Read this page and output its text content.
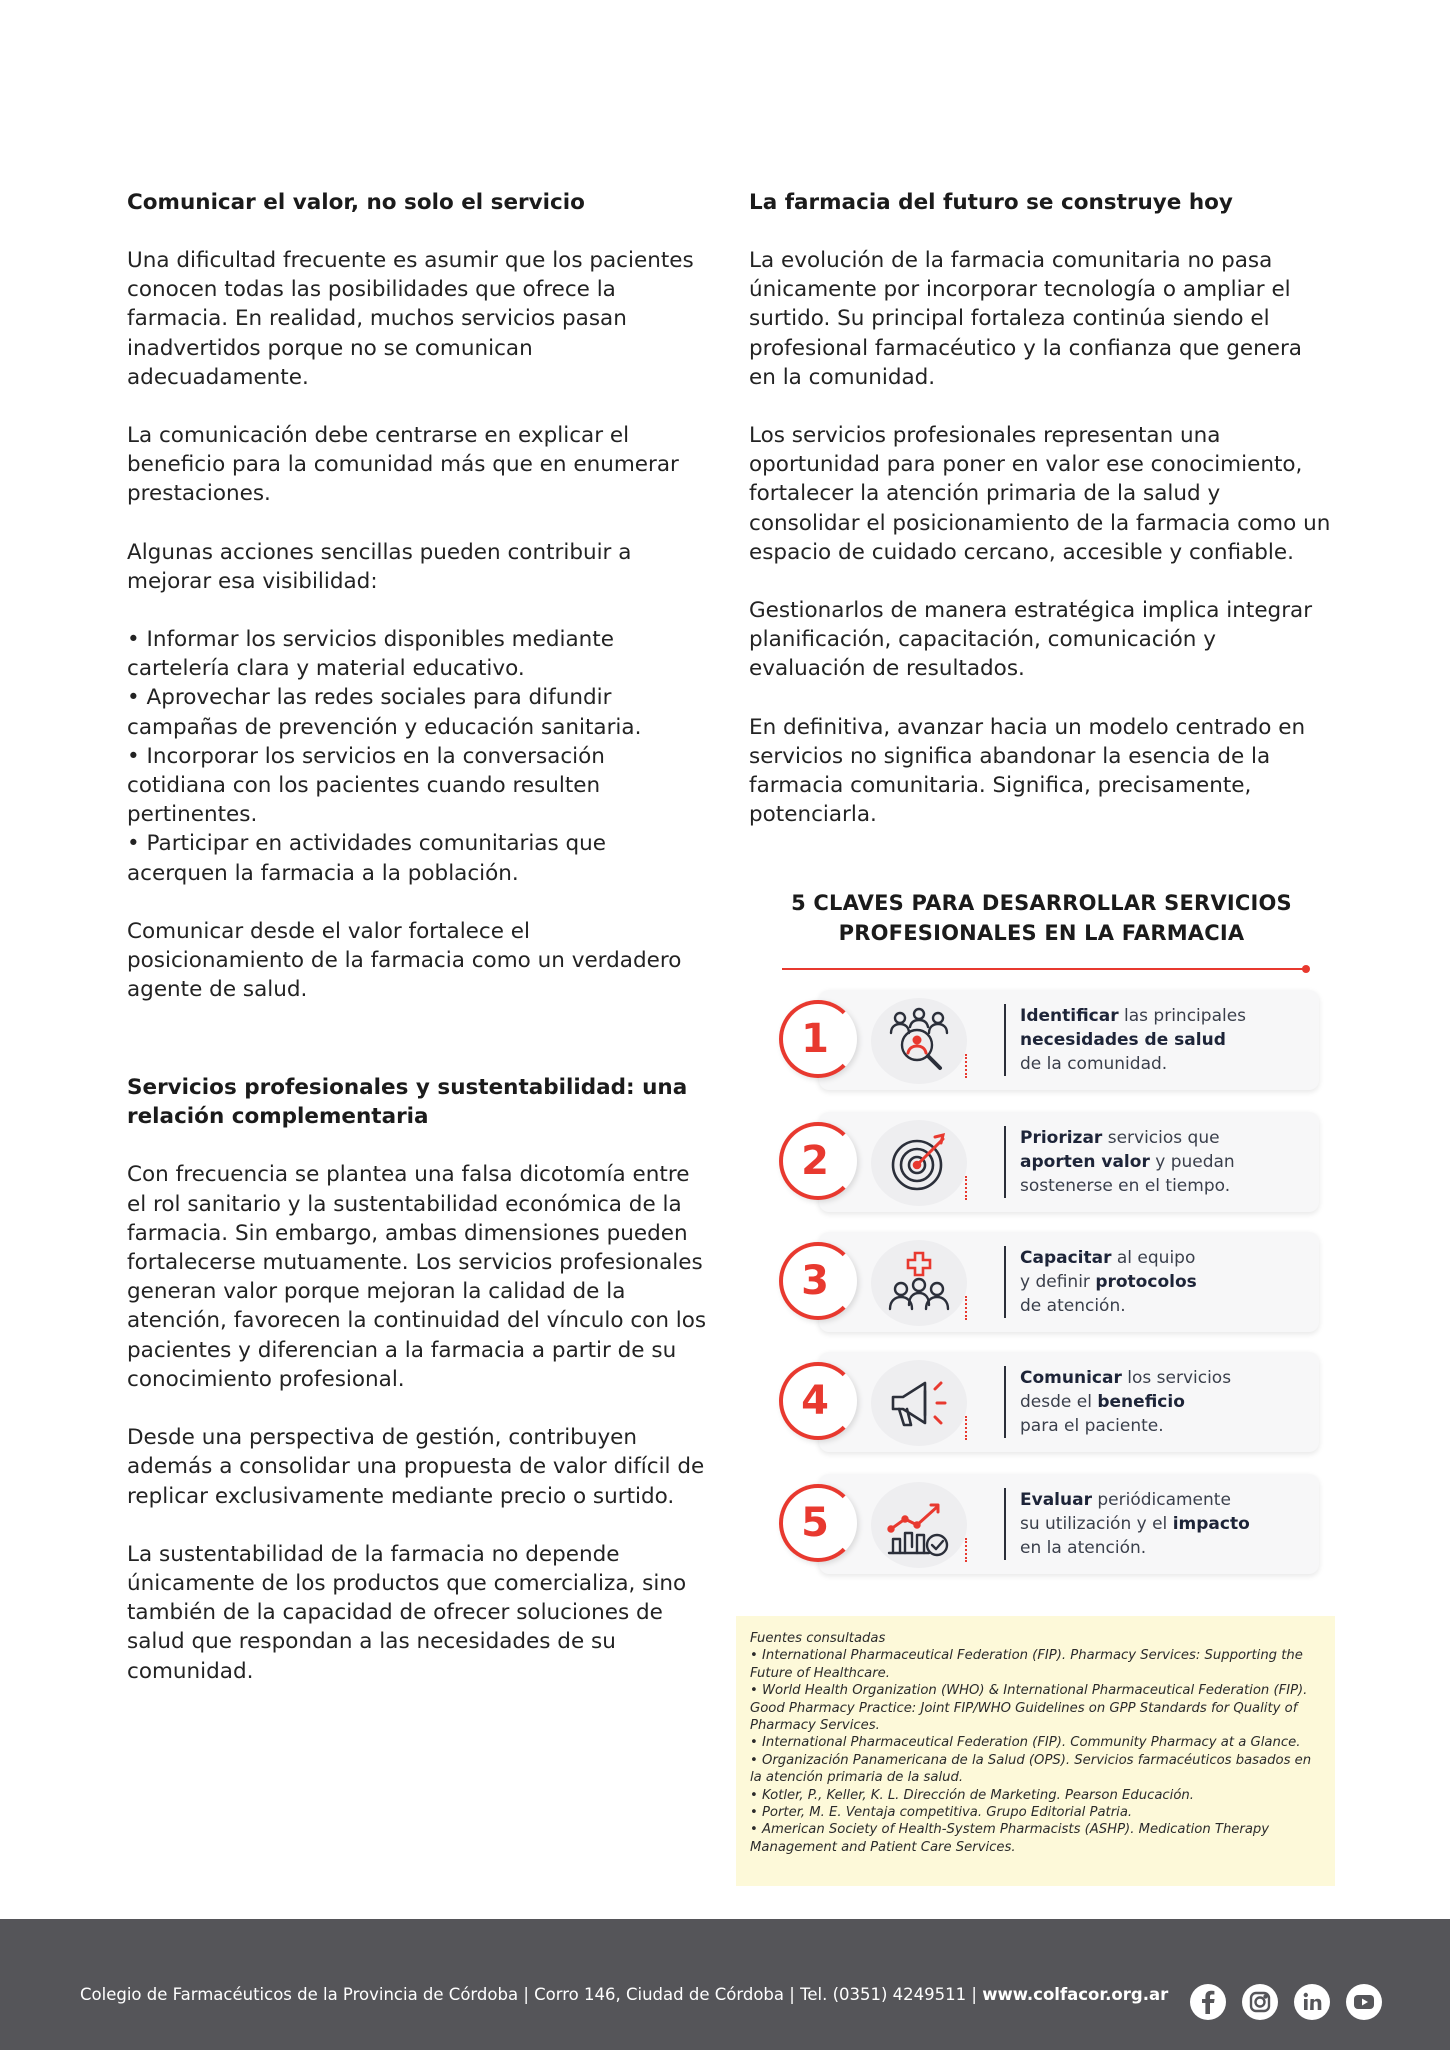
Comunicar el valor, no solo el servicio

Una dificultad frecuente es asumir que los pacientes conocen todas las posibilidades que ofrece la farmacia. En realidad, muchos servicios pasan inadvertidos porque no se comunican adecuadamente.

La comunicación debe centrarse en explicar el beneficio para la comunidad más que en enumerar prestaciones.

Algunas acciones sencillas pueden contribuir a mejorar esa visibilidad:

• Informar los servicios disponibles mediante cartelería clara y material educativo.

• Aprovechar las redes sociales para difundir campañas de prevención y educación sanitaria.

• Incorporar los servicios en la conversación cotidiana con los pacientes cuando resulten pertinentes.

• Participar en actividades comunitarias que acerquen la farmacia a la población.

Comunicar desde el valor fortalece el posicionamiento de la farmacia como un verdadero agente de salud.

Servicios profesionales y sustentabilidad: una relación complementaria

Con frecuencia se plantea una falsa dicotomía entre el rol sanitario y la sustentabilidad económica de la farmacia. Sin embargo, ambas dimensiones pueden fortalecerse mutuamente. Los servicios profesionales generan valor porque mejoran la calidad de la atención, favorecen la continuidad del vínculo con los pacientes y diferencian a la farmacia a partir de su conocimiento profesional.

Desde una perspectiva de gestión, contribuyen además a consolidar una propuesta de valor difícil de replicar exclusivamente mediante precio o surtido.

La sustentabilidad de la farmacia no depende únicamente de los productos que comercializa, sino también de la capacidad de ofrecer soluciones de salud que respondan a las necesidades de su comunidad.

La farmacia del futuro se construye hoy

La evolución de la farmacia comunitaria no pasa únicamente por incorporar tecnología o ampliar el surtido. Su principal fortaleza continúa siendo el profesional farmacéutico y la confianza que genera en la comunidad.

Los servicios profesionales representan una oportunidad para poner en valor ese conocimiento, fortalecer la atención primaria de la salud y consolidar el posicionamiento de la farmacia como un espacio de cuidado cercano, accesible y confiable.

Gestionarlos de manera estratégica implica integrar planificación, capacitación, comunicación y evaluación de resultados.

En definitiva, avanzar hacia un modelo centrado en servicios no significa abandonar la esencia de la farmacia comunitaria. Significa, precisamente, potenciarla.

5 CLAVES PARA DESARROLLAR SERVICIOS
PROFESIONALES EN LA FARMACIA
1	Identificar las principales
necesidades de salud
de la comunidad.
2	Priorizar servicios que
aporten valor y puedan
sostenerse en el tiempo.
3	Capacitar al equipo
y definir protocolos
de atención.
4	Comunicar los servicios
desde el beneficio
para el paciente.
5	Evaluar periódicamente
su utilización y el impacto
en la atención.

Fuentes consultadas

• International Pharmaceutical Federation (FIP). Pharmacy Services: Supporting the Future of Healthcare.

• World Health Organization (WHO) & International Pharmaceutical Federation (FIP). Good Pharmacy Practice: Joint FIP/WHO Guidelines on GPP Standards for Quality of Pharmacy Services.

• International Pharmaceutical Federation (FIP). Community Pharmacy at a Glance.

• Organización Panamericana de la Salud (OPS). Servicios farmacéuticos basados en la atención primaria de la salud.

• Kotler, P., Keller, K. L. Dirección de Marketing. Pearson Educación.

• Porter, M. E. Ventaja competitiva. Grupo Editorial Patria.

• American Society of Health-System Pharmacists (ASHP). Medication Therapy Management and Patient Care Services.

Colegio de Farmacéuticos de la Provincia de Córdoba | Corro 146, Ciudad de Córdoba | Tel. (0351) 4249511 | www.colfacor.org.ar
